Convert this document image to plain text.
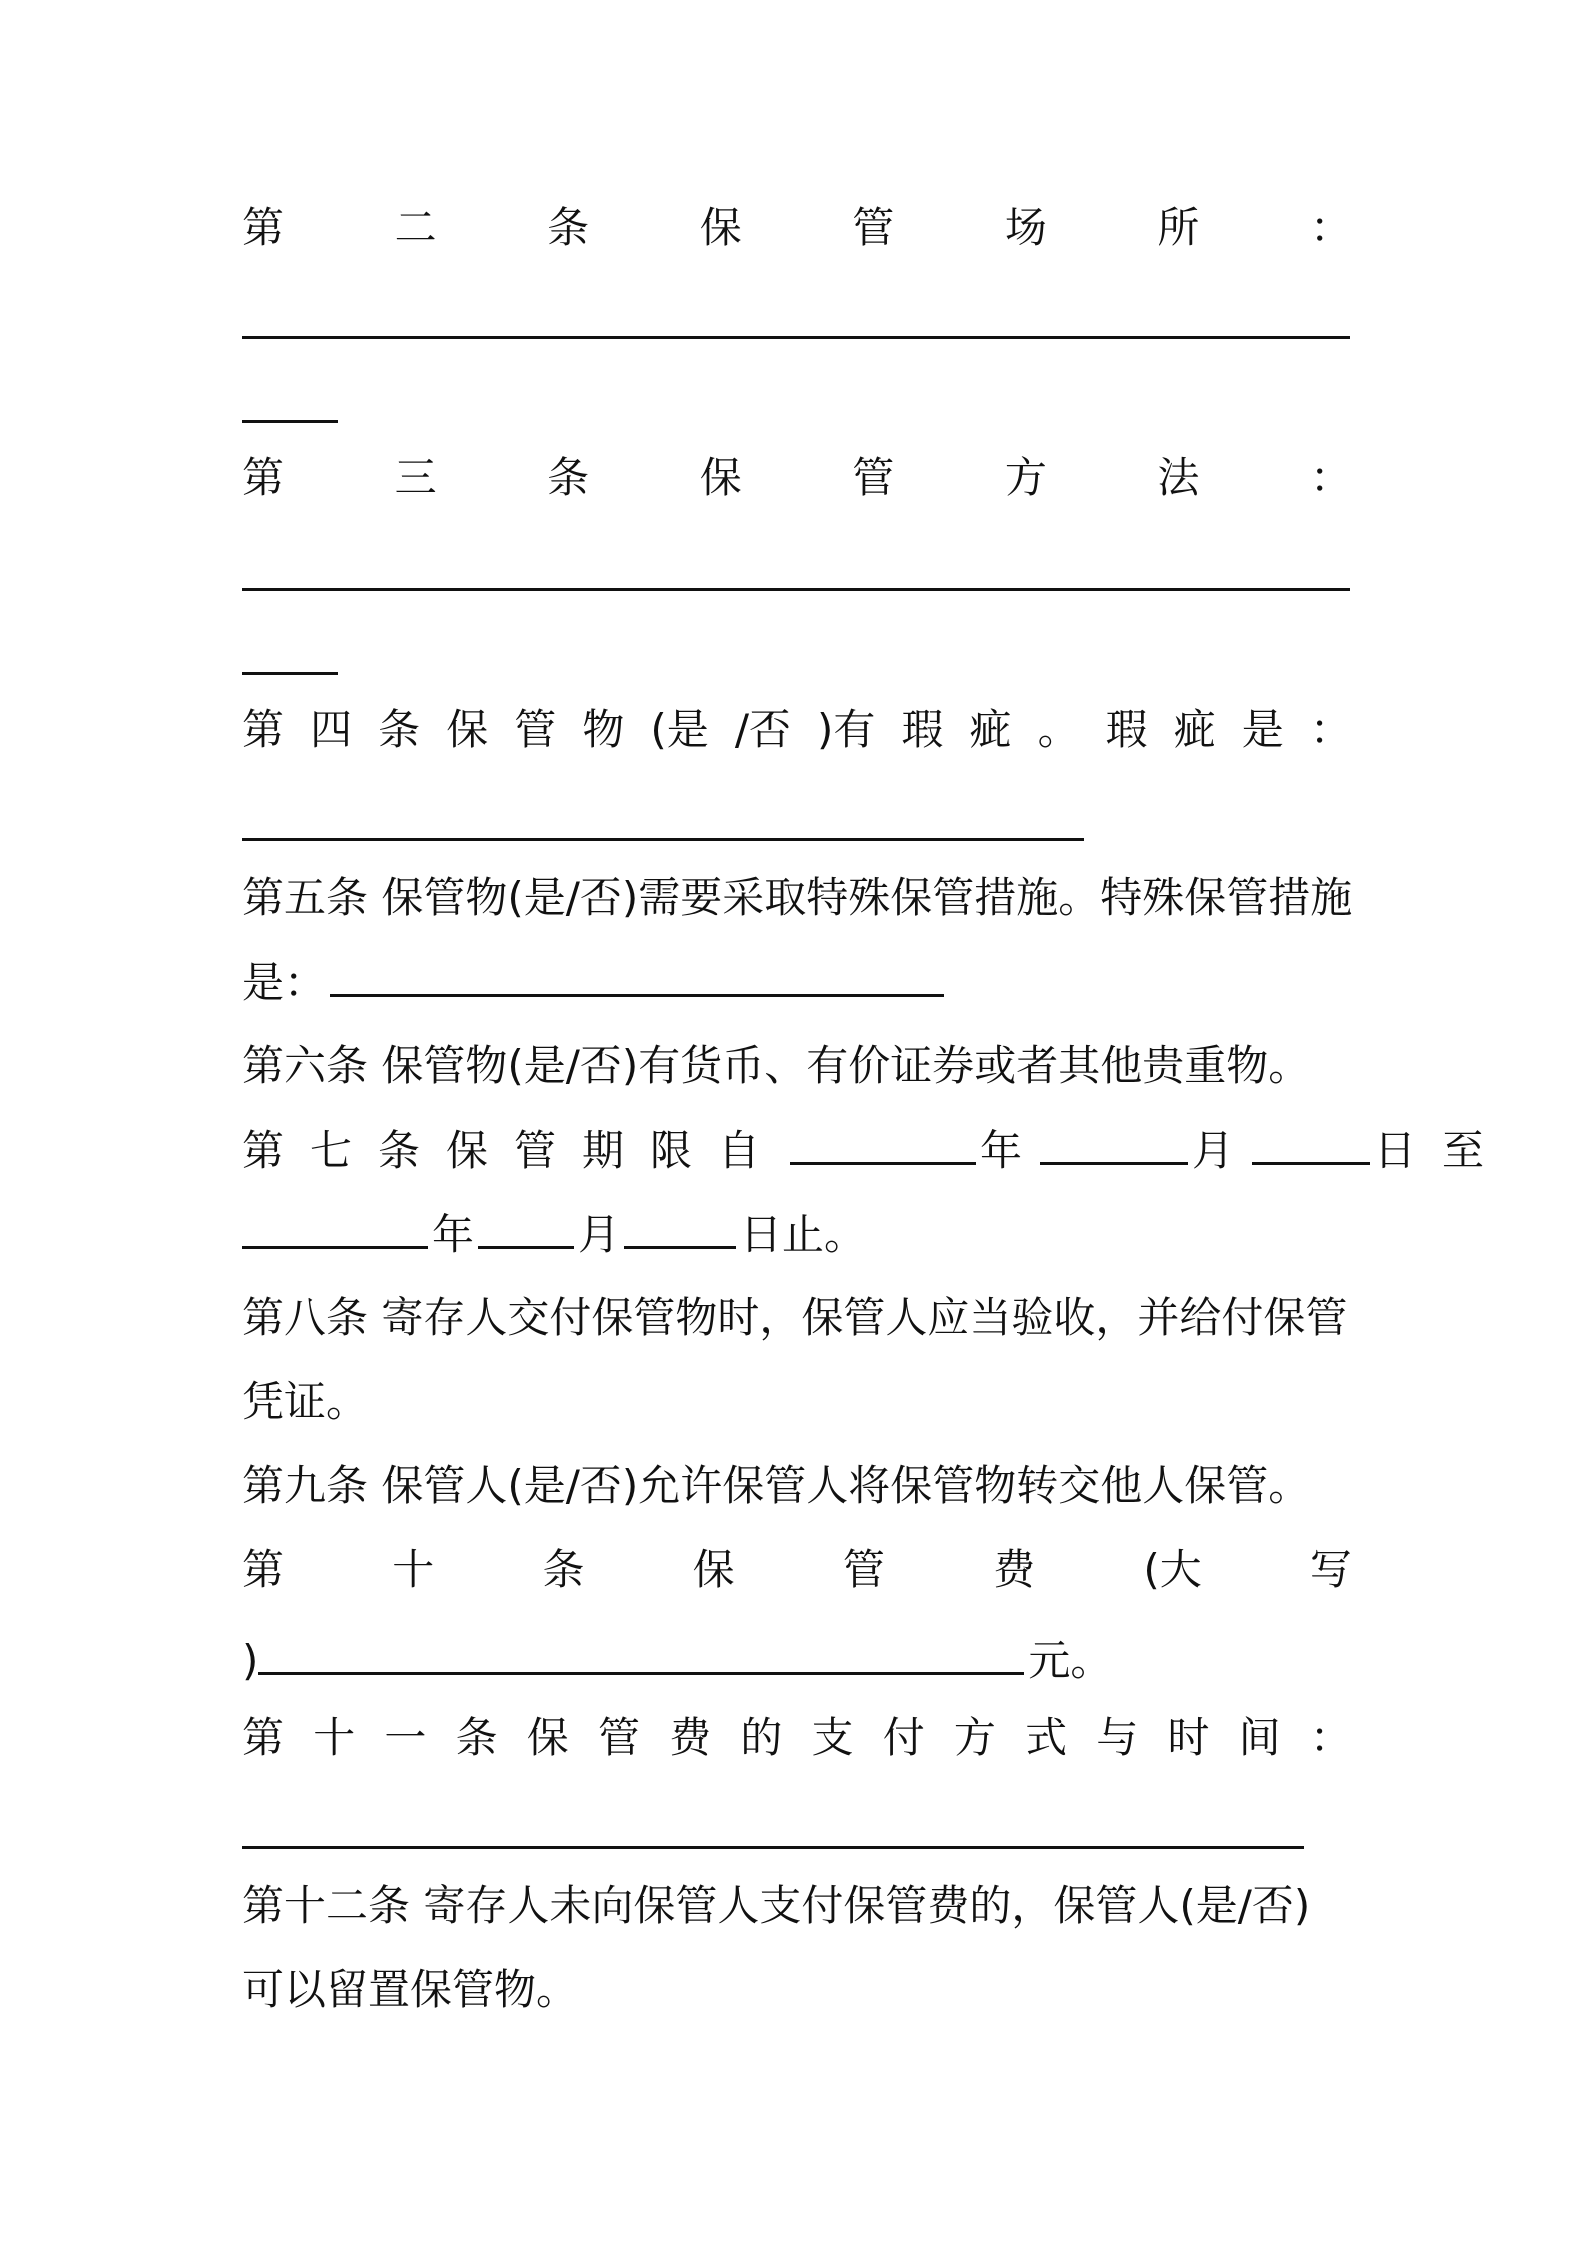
第	二	条	保	管	场	所	：
第	三	条	保	管	方	法	：
第 四 条 保 管 物 (是 /否 )有 瑕 疵 。 瑕 疵 是 ：
第五条 保管物(是/否)需要采取特殊保管措施。特殊保管措施
是：
第六条 保管物(是/否)有货币、有价证券或者其他贵重物。
第七条保管期限自	年	月	日至
年 月	日止。
第八条 寄存人交付保管物时，保管人应当验收，并给付保管
凭证。
第九条 保管人(是/否)允许保管人将保管物转交他人保管。
第	十	条	保	管	费	(大	写
)	元。
第 十 一 条 保 管 费 的 支 付 方 式 与 时 间 ：
第十二条 寄存人未向保管人支付保管费的，保管人(是/否)
可以留置保管物。
